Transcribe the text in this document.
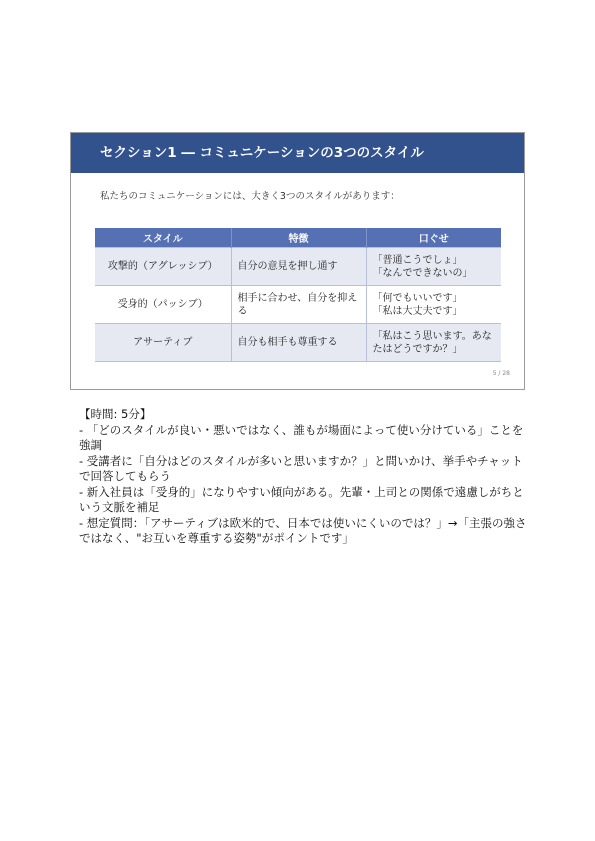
セクション1 ― コミュニケーションの3つのスタイル
私たちのコミュニケーションには、大きく3つのスタイルがあります：
スタイル	特徴	口ぐせ
攻撃的（アグレッシブ）	自分の意見を押し通す	「普通こうでしょ」
「なんでできないの」

受身的（パッシブ）	相手に合わせ、自分を抑える	「何でもいいです」
「私は大丈夫です」

アサーティブ	自分も相手も尊重する	「私はこう思います。あなたはどうですか？」
5 / 28

【時間: 5分】

- 「どのスタイルが良い・悪いではなく、誰もが場面によって使い分けている」ことを強調

- 受講者に「自分はどのスタイルが多いと思いますか？」と問いかけ、挙手やチャットで回答してもらう

- 新入社員は「受身的」になりやすい傾向がある。先輩・上司との関係で遠慮しがちという文脈を補足

- 想定質問：「アサーティブは欧米的で、日本では使いにくいのでは？」→「主張の強さではなく、"お互いを尊重する姿勢"がポイントです」
